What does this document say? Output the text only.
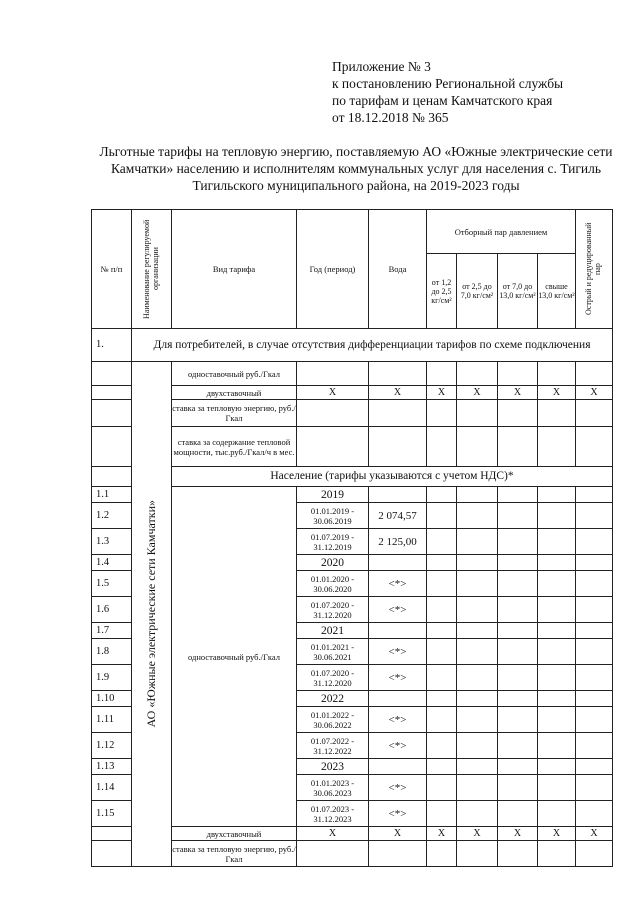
Приложение № 3
к постановлению Региональной службы
по тарифам и ценам Камчатского края
от 18.12.2018 № 365
Льготные тарифы на тепловую энергию, поставляемую АО «Южные электрические сети Камчатки» населению и исполнителям коммунальных услуг для населения с. Тигиль Тигильского муниципального района, на 2019-2023 годы
№ п/п	Наименование регулируемой организации	Вид тарифа	Год (период)	Вода	Отборный пар давлением				Острый и редуцированный пар

					от 1,2 до 2,5 кг/см²	от 2,5 до 7,0 кг/см²	от 7,0 до 13,0 кг/см²	свыше 13,0 кг/см²	
1.	Для потребителей, в случае отсутствия дифференциации тарифов по схеме подключения								

	АО «Южные электрические сети Камчатки»	одноставочный руб./Гкал							
		двухставочный	X	X	X	X	X	X	X
		ставка за тепловую энергию, руб./Гкал							
		ставка за содержание тепловой мощности, тыс.руб./Гкал/ч в мес.							
		Население (тарифы указываются с учетом НДС)*							
1.1		одноставочный руб./Гкал	2019						
1.2			01.01.2019 - 30.06.2019	2 074,57					
1.3			01.07.2019 - 31.12.2019	2 125,00					
1.4			2020						
1.5			01.01.2020 - 30.06.2020	<*>					
1.6			01.07.2020 - 31.12.2020	<*>					
1.7			2021						
1.8			01.01.2021 - 30.06.2021	<*>					
1.9			01.07.2020 - 31.12.2020	<*>					
1.10			2022						
1.11			01.01.2022 - 30.06.2022	<*>					
1.12			01.07.2022 - 31.12.2022	<*>					
1.13			2023						
1.14			01.01.2023 - 30.06.2023	<*>					
1.15			01.07.2023 - 31.12.2023	<*>					
		двухставочный	X	X	X	X	X	X	X
		ставка за тепловую энергию, руб./Гкал							
